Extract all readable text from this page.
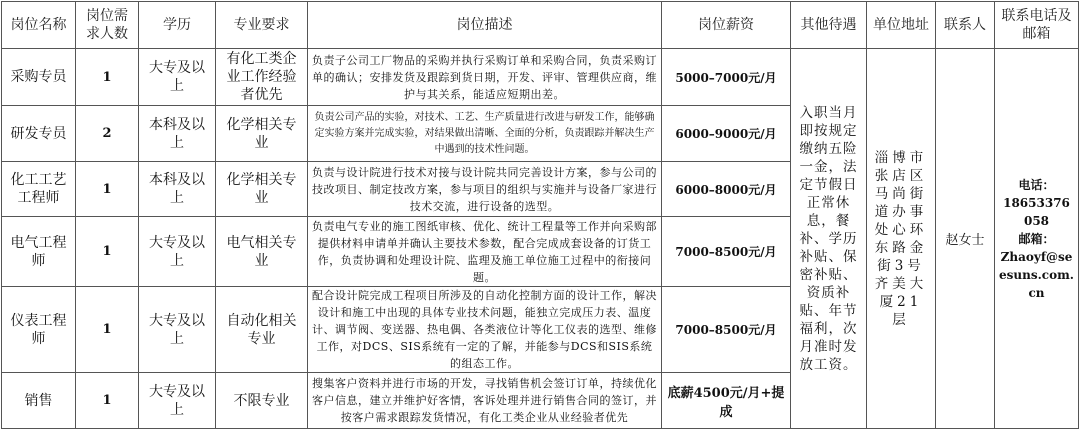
岗位名称	岗位需求人数	学历	专业要求	岗位描述	岗位薪资	其他待遇	单位地址	联系人	联系电话及邮箱
采购专员	1	大专及以上	有化工类企业工作经验者优先	负责子公司工厂物品的采购并执行采购订单和采购合同，负责采购订单的确认；安排发货及跟踪到货日期，开发、评审、管理供应商，维护与其关系，能适应短期出差。	5000–7000元/月	入职当月即按规定缴纳五险一金，法定节假日正常休息，餐补、学历补贴、保密补贴、资质补贴、年节福利，次月准时发放工资。	淄博市张店区马尚街道办事处心环东路金街3号齐美大厦21层	赵女士	电话：
18653376058
邮箱：
Zhaoyf@seesuns.com.cn

研发专员	2	本科及以上	化学相关专业	负责公司产品的实验，对技术、工艺、生产质量进行改进与研发工作，能够确定实验方案并完成实验，对结果做出清晰、全面的分析，负责跟踪并解决生产中遇到的技术性问题。	6000–9000元/月				
化工工艺工程师	1	本科及以上	化学相关专业	负责与设计院进行技术对接与设计院共同完善设计方案，参与公司的技改项目、制定技改方案，参与项目的组织与实施并与设备厂家进行技术交流，进行设备的选型。	6000–8000元/月				
电气工程师	1	大专及以上	电气相关专业	负责电气专业的施工图纸审核、优化、统计工程量等工作并向采购部提供材料申请单并确认主要技术参数，配合完成成套设备的订货工作，负责协调和处理设计院、监理及施工单位施工过程中的衔接问题。	7000–8500元/月				
仪表工程师	1	大专及以上	自动化相关专业	配合设计院完成工程项目所涉及的自动化控制方面的设计工作，解决设计和施工中出现的具体专业技术问题，能独立完成压力表、温度计、调节阀、变送器、热电偶、各类液位计等化工仪表的选型、维修工作，对DCS、SIS系统有一定的了解，并能参与DCS和SIS系统的组态工作。	7000–8500元/月				
销售	1	大专及以上	不限专业	搜集客户资料并进行市场的开发，寻找销售机会签订订单，持续优化客户信息，建立并维护好客情，客诉处理并进行销售合同的签订，并按客户需求跟踪发货情况，有化工类企业从业经验者优先	底薪4500元/月+提成				
